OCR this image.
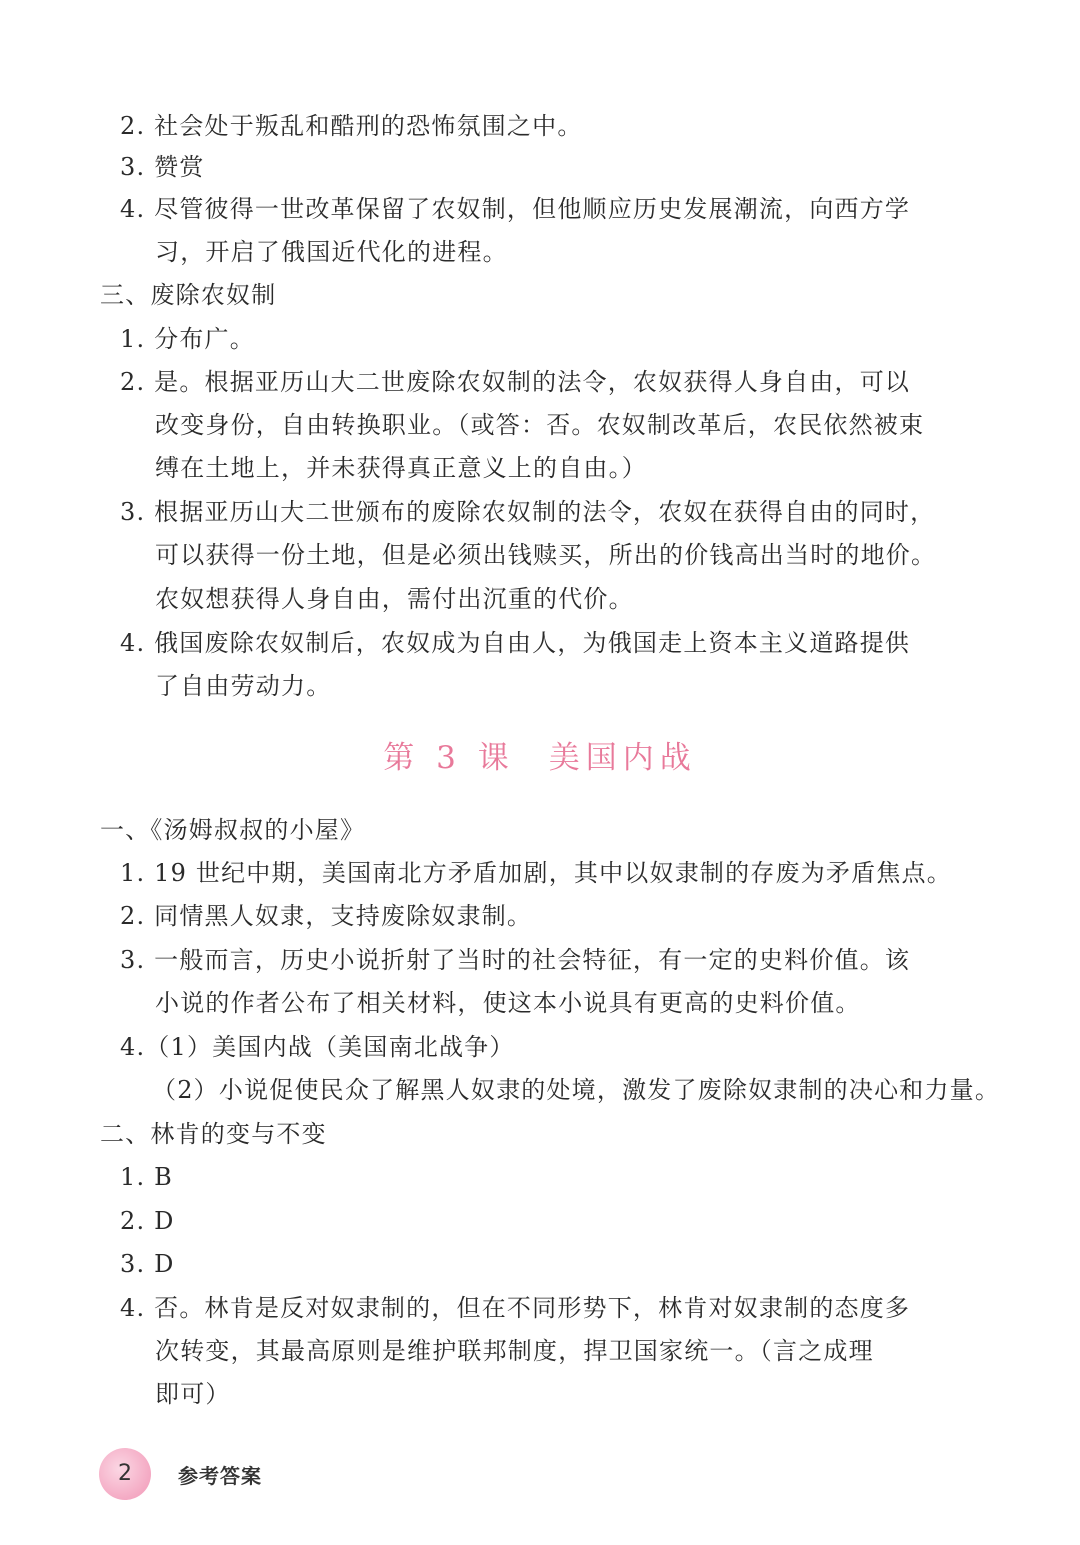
2. 社会处于叛乱和酷刑的恐怖氛围之中。
3. 赞赏
4. 尽管彼得一世改革保留了农奴制，但他顺应历史发展潮流，向西方学
习，开启了俄国近代化的进程。
三、废除农奴制
1. 分布广。
2. 是。根据亚历山大二世废除农奴制的法令，农奴获得人身自由，可以
改变身份，自由转换职业。（或答：否。农奴制改革后，农民依然被束
缚在土地上，并未获得真正意义上的自由。）
3. 根据亚历山大二世颁布的废除农奴制的法令，农奴在获得自由的同时，
可以获得一份土地，但是必须出钱赎买，所出的价钱高出当时的地价。
农奴想获得人身自由，需付出沉重的代价。
4. 俄国废除农奴制后，农奴成为自由人，为俄国走上资本主义道路提供
了自由劳动力。
第 3 课 美国内战
一、《汤姆叔叔的小屋》
1. 19 世纪中期，美国南北方矛盾加剧，其中以奴隶制的存废为矛盾焦点。
2. 同情黑人奴隶，支持废除奴隶制。
3. 一般而言，历史小说折射了当时的社会特征，有一定的史料价值。该
小说的作者公布了相关材料，使这本小说具有更高的史料价值。
4.（1）美国内战（美国南北战争）
（2）小说促使民众了解黑人奴隶的处境，激发了废除奴隶制的决心和力量。
二、林肯的变与不变
1. B
2. D
3. D
4. 否。林肯是反对奴隶制的，但在不同形势下，林肯对奴隶制的态度多
次转变，其最高原则是维护联邦制度，捍卫国家统一。（言之成理
即可）
2	参考答案
